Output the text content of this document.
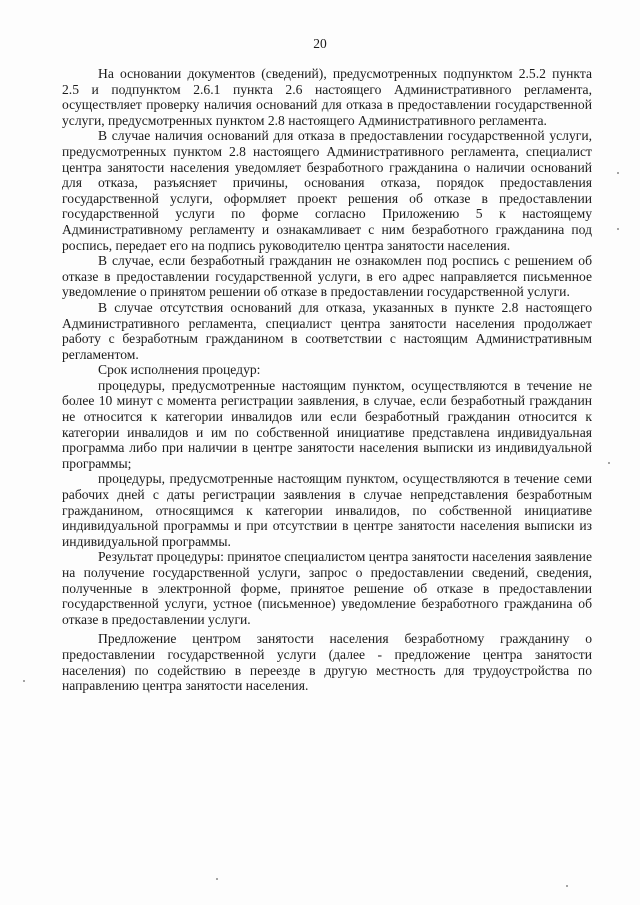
20

На основании документов (сведений), предусмотренных подпунктом 2.5.2 пункта 2.5 и подпунктом 2.6.1 пункта 2.6 настоящего Административного регламента, осуществляет проверку наличия оснований для отказа в предоставлении государственной услуги, предусмотренных пунктом 2.8 настоящего Административного регламента.

В случае наличия оснований для отказа в предоставлении государственной услуги, предусмотренных пунктом 2.8 настоящего Административного регламента, специалист центра занятости населения уведомляет безработного гражданина о наличии оснований для отказа, разъясняет причины, основания отказа, порядок предоставления государственной услуги, оформляет проект решения об отказе в предоставлении государственной услуги по форме согласно Приложению 5 к настоящему Административному регламенту и ознакамливает с ним безработного гражданина под роспись, передает его на подпись руководителю центра занятости населения.

В случае, если безработный гражданин не ознакомлен под роспись с решением об отказе в предоставлении государственной услуги, в его адрес направляется письменное уведомление о принятом решении об отказе в предоставлении государственной услуги.

В случае отсутствия оснований для отказа, указанных в пункте 2.8 настоящего Административного регламента, специалист центра занятости населения продолжает работу с безработным гражданином в соответствии с настоящим Административным регламентом.

Срок исполнения процедур:

процедуры, предусмотренные настоящим пунктом, осуществляются в течение не более 10 минут с момента регистрации заявления, в случае, если безработный гражданин не относится к категории инвалидов или если безработный гражданин относится к категории инвалидов и им по собственной инициативе представлена индивидуальная программа либо при наличии в центре занятости населения выписки из индивидуальной программы;

процедуры, предусмотренные настоящим пунктом, осуществляются в течение семи рабочих дней с даты регистрации заявления в случае непредставления безработным гражданином, относящимся к категории инвалидов, по собственной инициативе индивидуальной программы и при отсутствии в центре занятости населения выписки из индивидуальной программы.

Результат процедуры: принятое специалистом центра занятости населения заявление на получение государственной услуги, запрос о предоставлении сведений, сведения, полученные в электронной форме, принятое решение об отказе в предоставлении государственной услуги, устное (письменное) уведомление безработного гражданина об отказе в предоставлении услуги.

Предложение центром занятости населения безработному гражданину о предоставлении государственной услуги (далее - предложение центра занятости населения) по содействию в переезде в другую местность для трудоустройства по направлению центра занятости населения.
